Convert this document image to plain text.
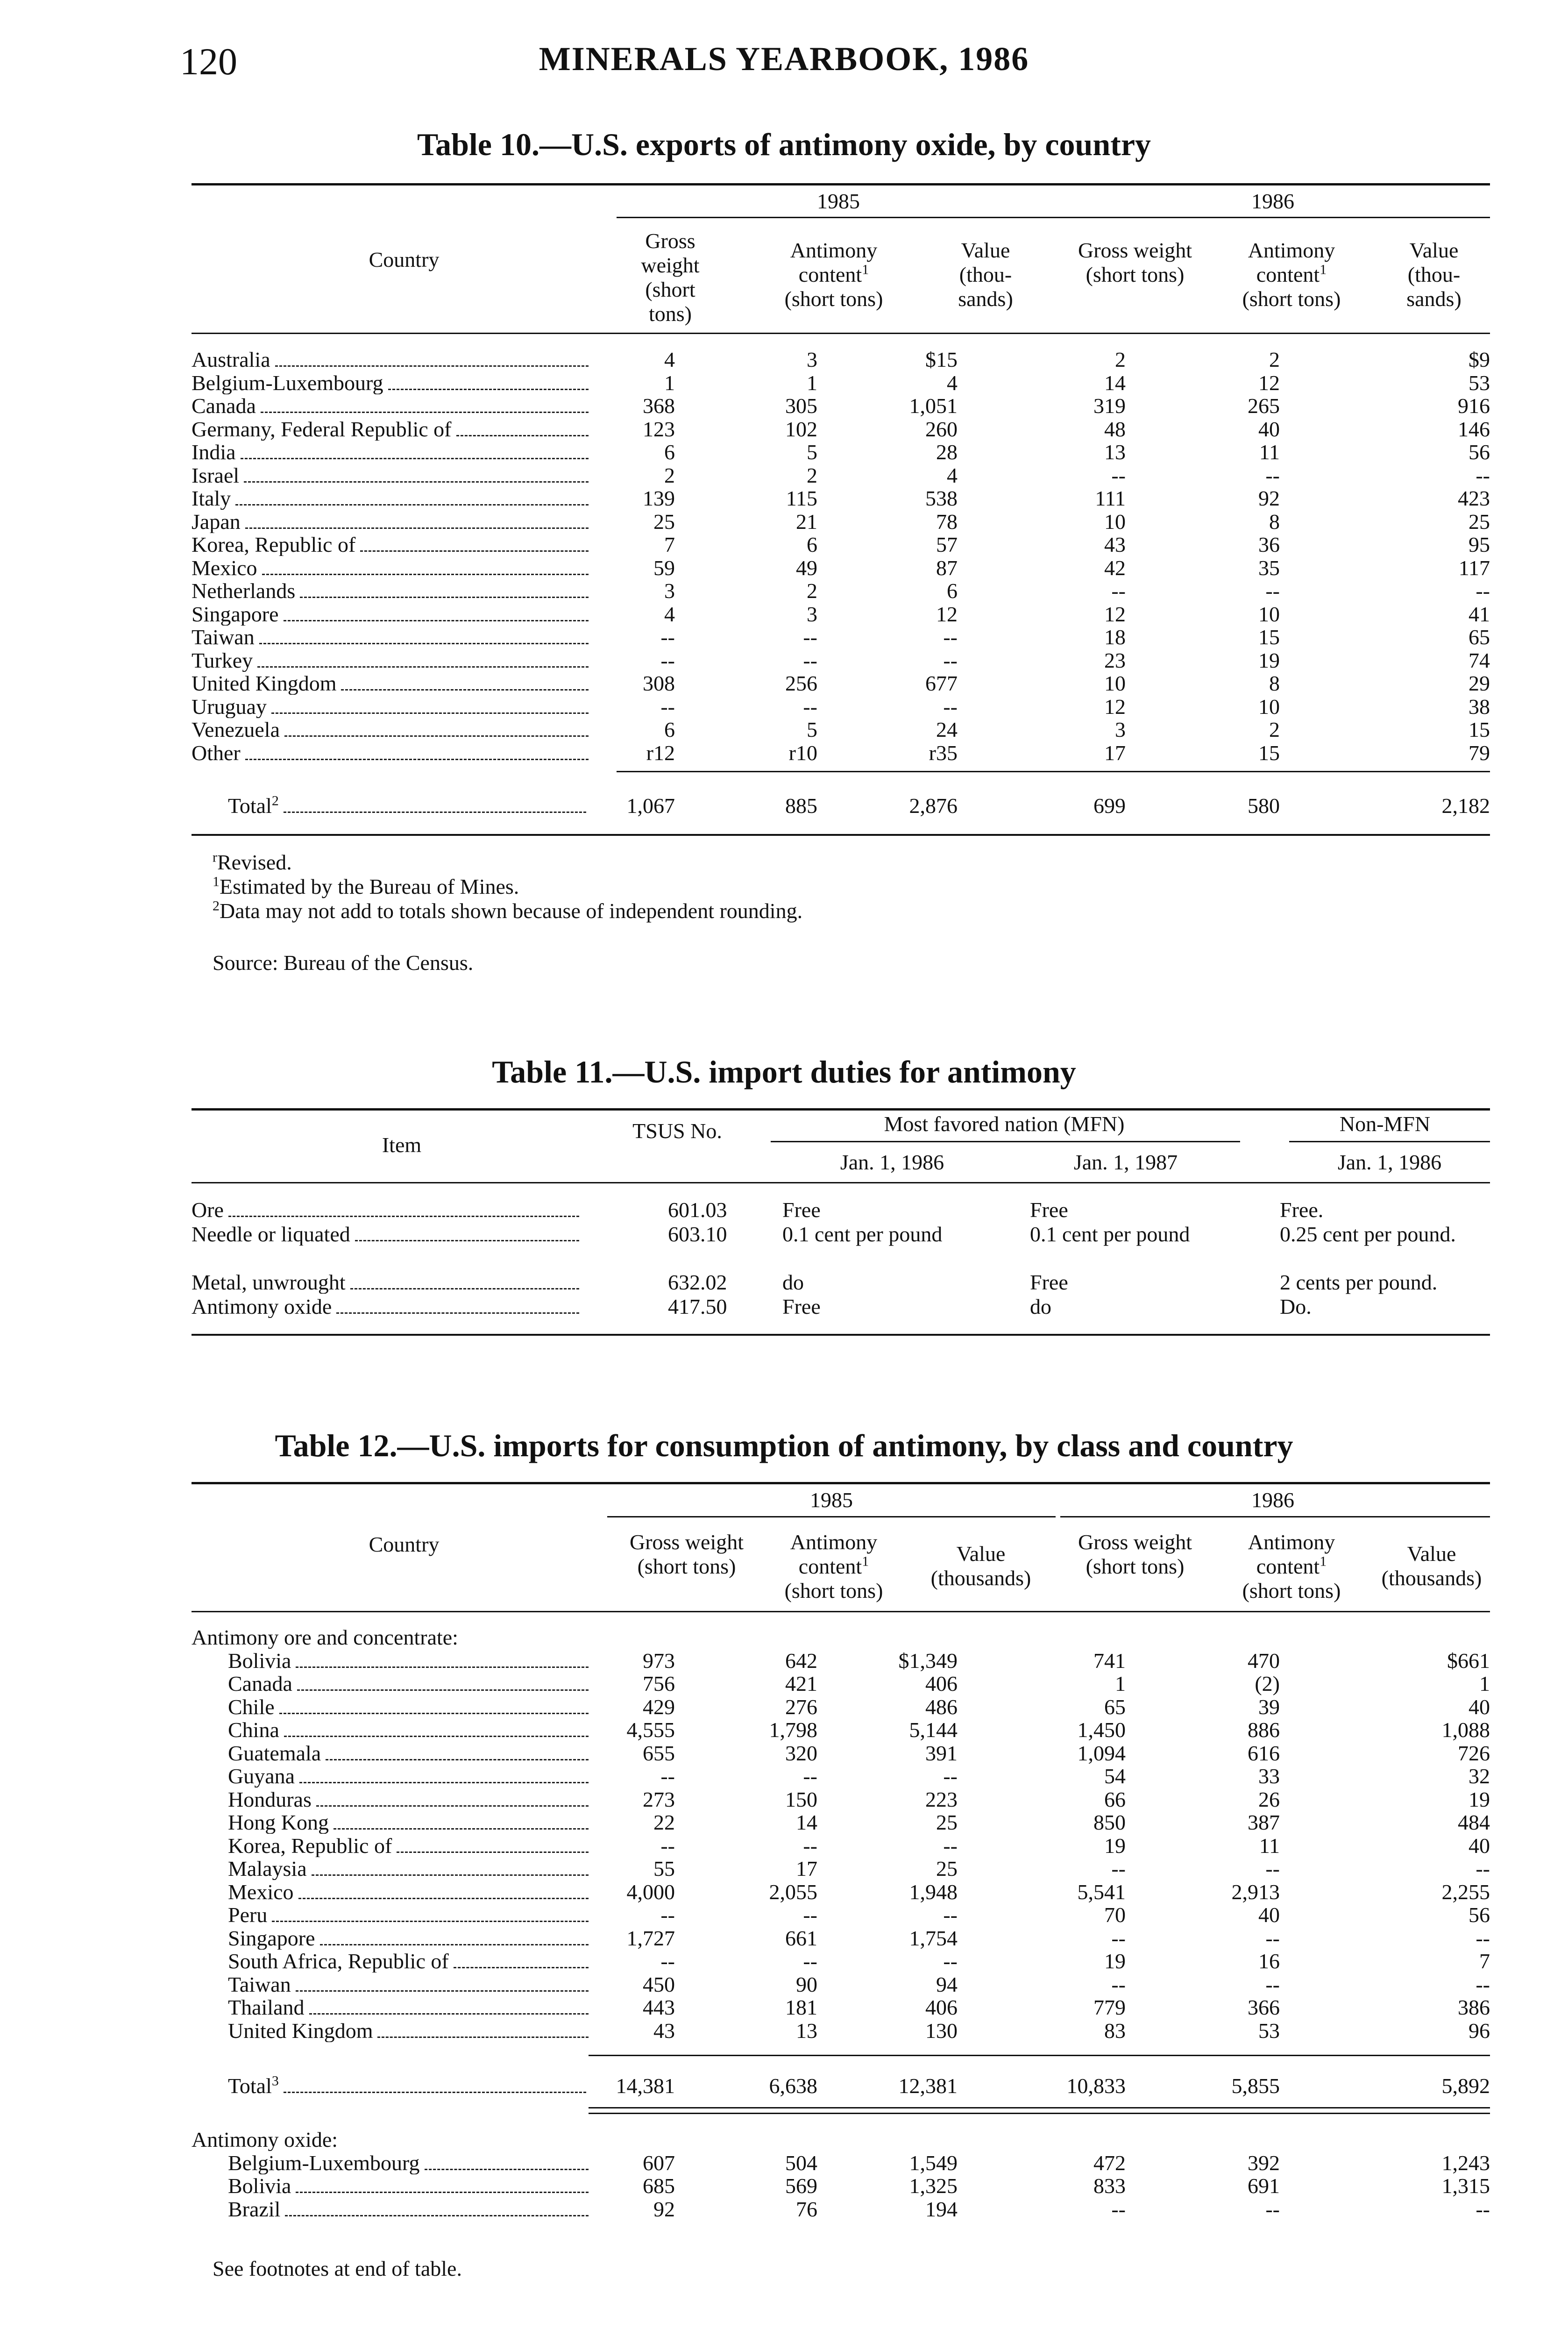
120	MINERALS YEARBOOK, 1986
Table 10.—U.S. exports of antimony oxide, by country
1985	1986
Country
Gross weight (short tons)
Antimony content$^1$
(short tons)
Value (thou- sands)
Gross weight (short tons)
Antimony content$^1$
(short tons)
Value (thou- sands)
Australia	4	3	$15	2	2	$9
Belgium-Luxembourg	1	1	4	14	12	53
Canada	368	305	1,051	319	265	916
Germany, Federal Republic of	123	102	260	48	40	146
India	6	5	28	13	11	56
Israel	2	2	4	--	--	--
Italy	139	115	538	111	92	423
Japan	25	21	78	10	8	25
Korea, Republic of	7	6	57	43	36	95
Mexico	59	49	87	42	35	117
Netherlands	3	2	6	--	--	--
Singapore	4	3	12	12	10	41
Taiwan	--	--	--	18	15	65
Turkey	--	--	--	23	19	74
United Kingdom	308	256	677	10	8	29
Uruguay	--	--	--	12	10	38
Venezuela	6	5	24	3	2	15
Other	r12	r10	r35	17	15	79
Total$^2$	1,067	885	2,876	699	580	2,182
$^r$Revised.
$^1$Estimated by the Bureau of Mines.
$^2$Data may not add to totals shown because of independent rounding.
Source: Bureau of the Census.
Table 11.—U.S. import duties for antimony
Item
TSUS No.	Most favored nation (MFN)	Non-MFN
Jan. 1, 1986	Jan. 1, 1987	Jan. 1, 1986
Ore	601.03	Free	Free	Free.
Needle or liquated	603.10	0.1 cent per pound	0.1 cent per pound	0.25 cent per pound.
Metal, unwrought	632.02	do	Free	2 cents per pound.
Antimony oxide	417.50	Free	do	Do.
Table 12.—U.S. imports for consumption of antimony, by class and country
1985	1986
Country	Gross weight (short tons)
Antimony content$^1$
(short tons)
Value (thousands)
Gross weight (short tons)
Antimony content$^1$
(short tons)
Value (thousands)
Antimony ore and concentrate:
Bolivia	973	642	$1,349	741	470	$661
Canada	756	421	406	1	(2)	1
Chile	429	276	486	65	39	40
China	4,555	1,798	5,144	1,450	886	1,088
Guatemala	655	320	391	1,094	616	726
Guyana	--	--	--	54	33	32
Honduras	273	150	223	66	26	19
Hong Kong	22	14	25	850	387	484
Korea, Republic of	--	--	--	19	11	40
Malaysia	55	17	25	--	--	--
Mexico	4,000	2,055	1,948	5,541	2,913	2,255
Peru	--	--	--	70	40	56
Singapore	1,727	661	1,754	--	--	--
South Africa, Republic of	--	--	--	19	16	7
Taiwan	450	90	94	--	--	--
Thailand	443	181	406	779	366	386
United Kingdom	43	13	130	83	53	96
Total$^3$	14,381	6,638	12,381	10,833	5,855	5,892
Antimony oxide:
Belgium-Luxembourg	607	504	1,549	472	392	1,243
Bolivia	685	569	1,325	833	691	1,315
Brazil	92	76	194	--	--	--
See footnotes at end of table.
